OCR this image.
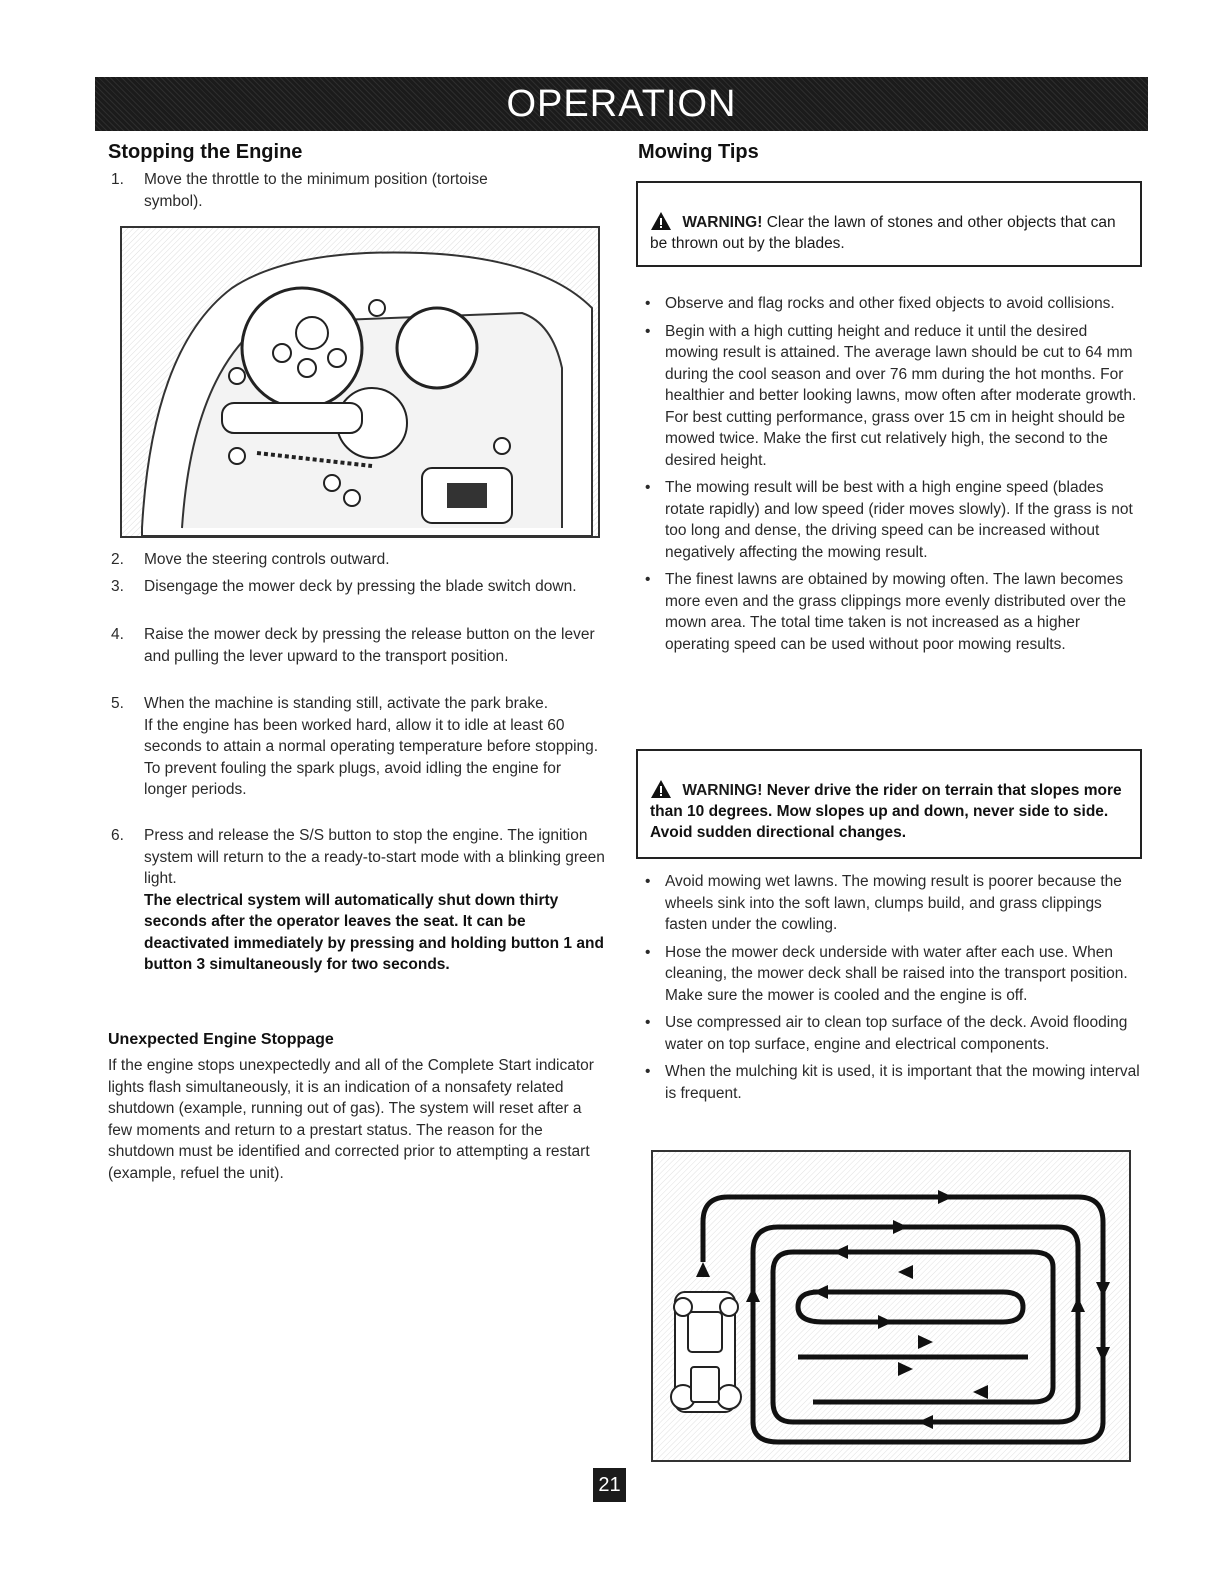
OPERATION
Stopping the Engine
1. Move the throttle to the minimum position (tortoise symbol).
2. Move the steering controls outward.
3. Disengage the mower deck by pressing the blade switch down.
4. Raise the mower deck by pressing the release button on the lever and pulling the lever upward to the transport position.
5. When the machine is standing still, activate the park brake.
If the engine has been worked hard, allow it to idle at least 60 seconds to attain a normal operating temperature before stopping. To prevent fouling the spark plugs, avoid idling the engine for longer periods.
6. Press and release the S/S button to stop the engine. The ignition system will return to the a ready-to-start mode with a blinking green light.
The electrical system will automatically shut down thirty seconds after the operator leaves the seat. It can be deactivated immediately by pressing and holding button 1 and button 3 simultaneously for two seconds.
Unexpected Engine Stoppage
If the engine stops unexpectedly and all of the Complete Start indicator lights flash simultaneously, it is an indication of a nonsafety related shutdown (example, running out of gas). The system will reset after a few moments and return to a prestart status. The reason for the shutdown must be identified and corrected prior to attempting a restart (example, refuel the unit).
Mowing Tips
WARNING! Clear the lawn of stones and other objects that can be thrown out by the blades.
• Observe and flag rocks and other fixed objects to avoid collisions.
• Begin with a high cutting height and reduce it until the desired mowing result is attained. The average lawn should be cut to 64 mm during the cool season and over 76 mm during the hot months. For healthier and better looking lawns, mow often after moderate growth. For best cutting performance, grass over 15 cm in height should be mowed twice. Make the first cut relatively high, the second to the desired height.
• The mowing result will be best with a high engine speed (blades rotate rapidly) and low speed (rider moves slowly). If the grass is not too long and dense, the driving speed can be increased without negatively affecting the mowing result.
• The finest lawns are obtained by mowing often. The lawn becomes more even and the grass clippings more evenly distributed over the mown area. The total time taken is not increased as a higher operating speed can be used without poor mowing results.
WARNING! Never drive the rider on terrain that slopes more than 10 degrees. Mow slopes up and down, never side to side. Avoid sudden directional changes.
• Avoid mowing wet lawns. The mowing result is poorer because the wheels sink into the soft lawn, clumps build, and grass clippings fasten under the cowling.
• Hose the mower deck underside with water after each use. When cleaning, the mower deck shall be raised into the transport position. Make sure the mower is cooled and the engine is off.
• Use compressed air to clean top surface of the deck. Avoid flooding water on top surface, engine and electrical components.
• When the mulching kit is used, it is important that the mowing interval is frequent.
21
